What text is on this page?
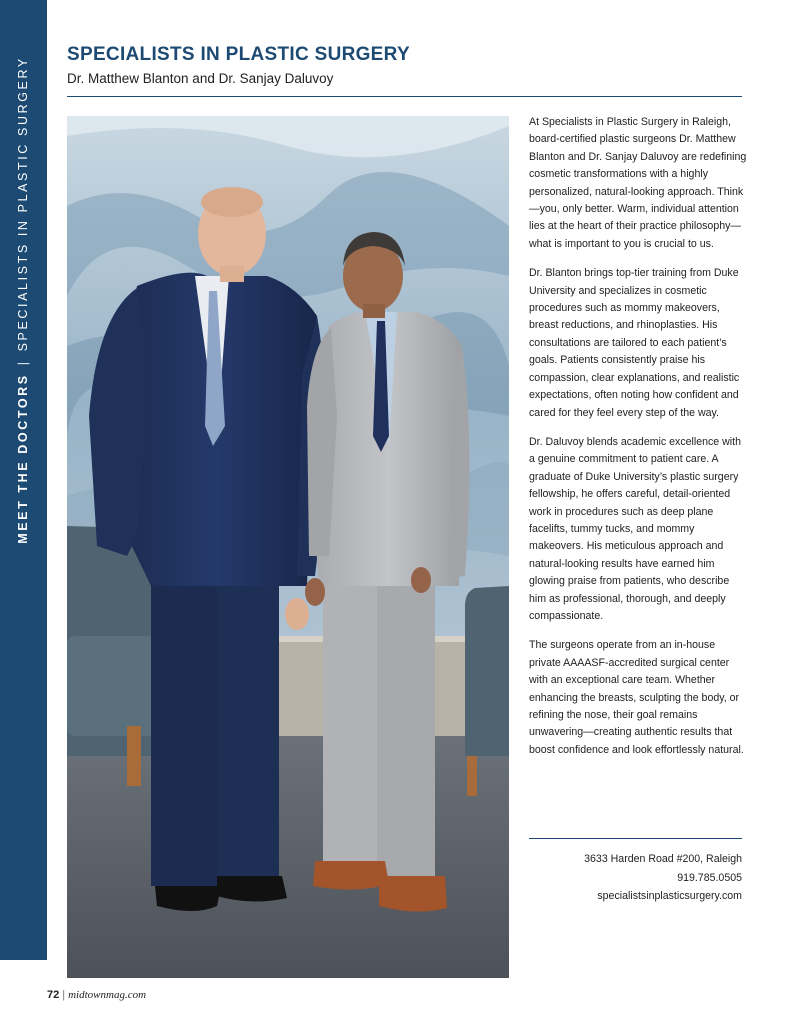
MEET THE DOCTORS|SPECIALISTS IN PLASTIC SURGERY
SPECIALISTS IN PLASTIC SURGERY

Dr. Matthew Blanton and Dr. Sanjay Daluvoy

At Specialists in Plastic Surgery in Raleigh, board-certified plastic surgeons Dr. Matthew Blanton and Dr. Sanjay Daluvoy are redefining cosmetic transformations with a highly personalized, natural-looking approach. Think—you, only better. Warm, individual attention lies at the heart of their practice philosophy—what is important to you is crucial to us.

Dr. Blanton brings top-tier training from Duke University and specializes in cosmetic procedures such as mommy makeovers, breast reductions, and rhinoplasties. His consultations are tailored to each patient’s goals. Patients consistently praise his compassion, clear explanations, and realistic expectations, often noting how confident and cared for they feel every step of the way.

Dr. Daluvoy blends academic excellence with a genuine commitment to patient care. A graduate of Duke University’s plastic surgery fellowship, he offers careful, detail-oriented work in procedures such as deep plane facelifts, tummy tucks, and mommy makeovers. His meticulous approach and natural-looking results have earned him glowing praise from patients, who describe him as professional, thorough, and deeply compassionate.

The surgeons operate from an in-house private AAAASF-accredited surgical center with an exceptional care team. Whether enhancing the breasts, sculpting the body, or refining the nose, their goal remains unwavering—creating authentic results that boost confidence and look effortlessly natural.

3633 Harden Road #200, Raleigh
919.785.0505
specialistsinplasticsurgery.com
72 | midtownmag.com
